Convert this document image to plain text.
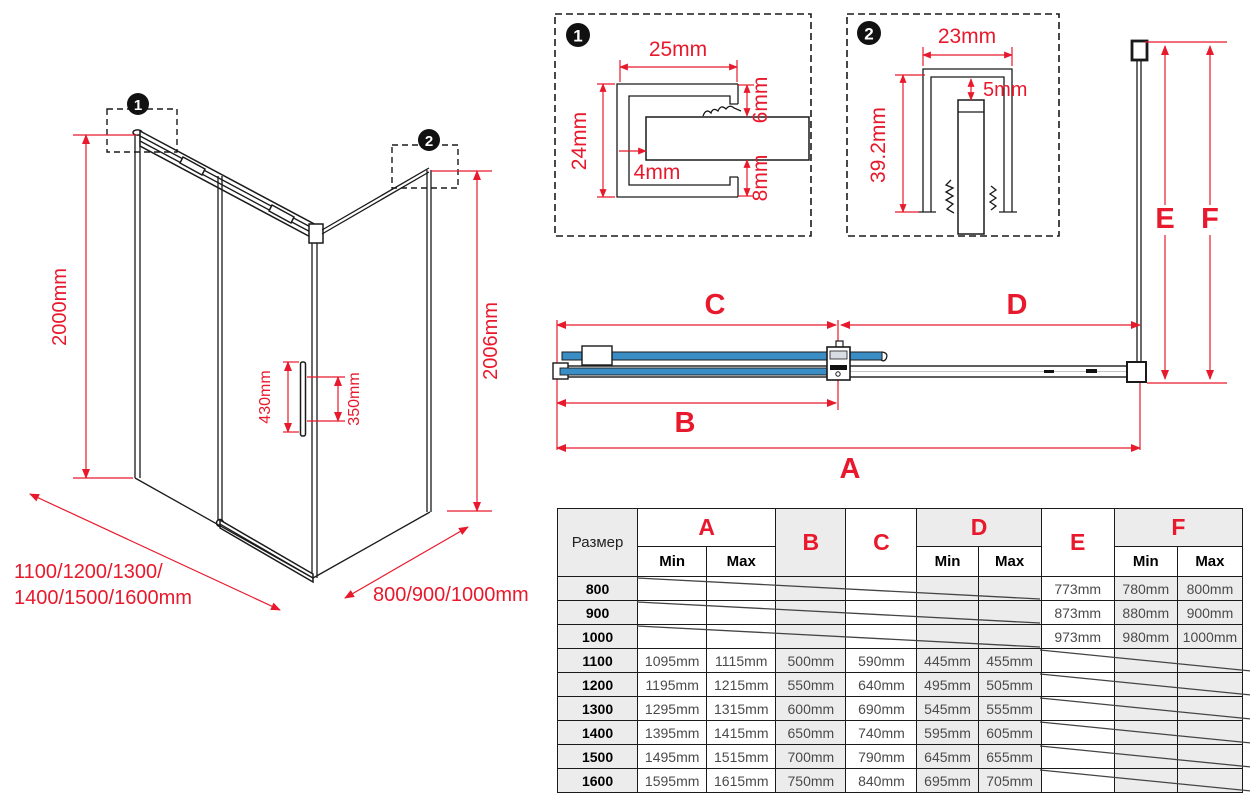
1
2
2000mm	2006mm
430mm	350mm
1100/1200/1300/
1400/1500/1600mm	800/900/1000mm
1
25mm
24mm
4mm
6mm
8mm
2	23mm
5mm
39.2mm
E F
C	D
B
A
Размер	A		B	C	D		E	F	
	Min	Max			Min	Max		Min	Max
800							773mm	780mm	800mm
900							873mm	880mm	900mm
1000							973mm	980mm	1000mm
1100	1095mm	1115mm	500mm	590mm	445mm	455mm			
1200	1195mm	1215mm	550mm	640mm	495mm	505mm			
1300	1295mm	1315mm	600mm	690mm	545mm	555mm			
1400	1395mm	1415mm	650mm	740mm	595mm	605mm			
1500	1495mm	1515mm	700mm	790mm	645mm	655mm			
1600	1595mm	1615mm	750mm	840mm	695mm	705mm			
